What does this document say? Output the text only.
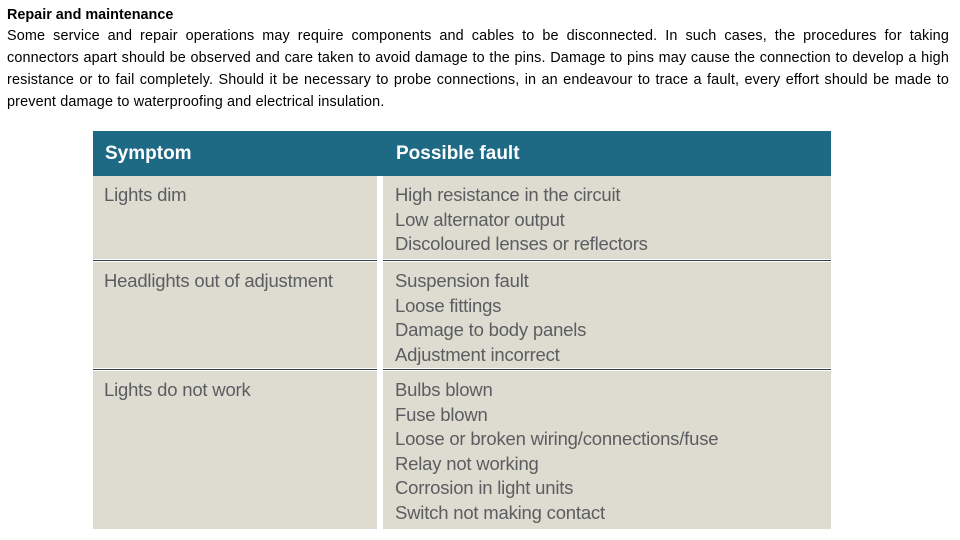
Repair and maintenance

Some service and repair operations may require components and cables to be disconnected. In such cases, the procedures for taking connectors apart should be observed and care taken to avoid damage to the pins. Damage to pins may cause the connection to develop a high resistance or to fail completely. Should it be necessary to probe connections, in an endeavour to trace a fault, every effort should be made to prevent damage to waterproofing and electrical insulation.

Symptom	Possible fault
Lights dim	High resistance in the circuit
Low alternator output
Discoloured lenses or reflectors
Headlights out of adjustment	Suspension fault
Loose fittings
Damage to body panels
Adjustment incorrect
Lights do not work	Bulbs blown
Fuse blown
Loose or broken wiring/connections/fuse
Relay not working
Corrosion in light units
Switch not making contact
